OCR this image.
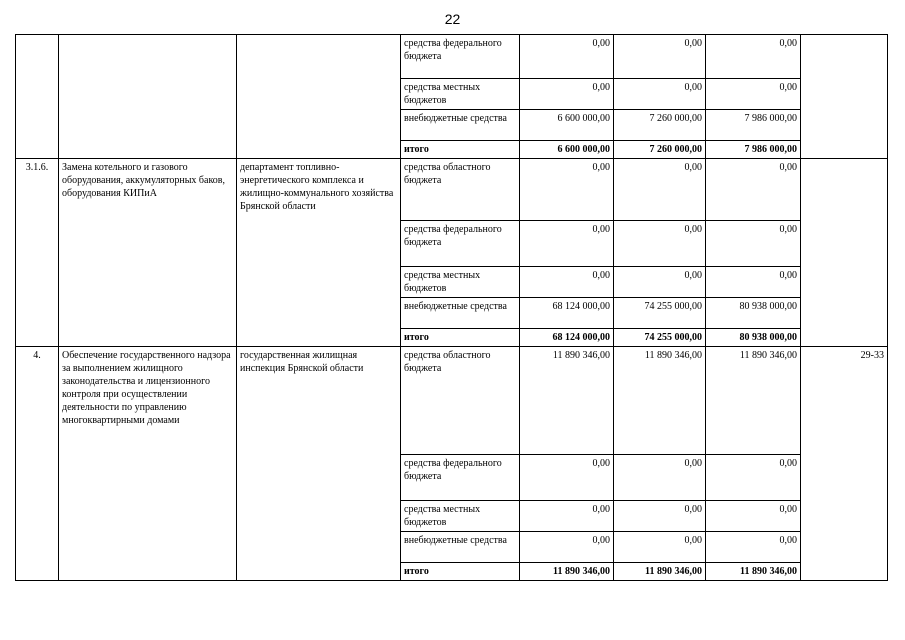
22
			средства федерального бюджета	0,00	0,00	0,00	
			средства местных бюджетов	0,00	0,00	0,00	
			внебюджетные средства	6 600 000,00	7 260 000,00	7 986 000,00	
			итого	6 600 000,00	7 260 000,00	7 986 000,00	
3.1.6.	Замена котельного и газового оборудования, аккумуляторных баков, оборудования КИПиА	департамент топливно-энергетического комплекса и жилищно-коммунального хозяйства Брянской области	средства областного бюджета	0,00	0,00	0,00	
			средства федерального бюджета	0,00	0,00	0,00	
			средства местных бюджетов	0,00	0,00	0,00	
			внебюджетные средства	68 124 000,00	74 255 000,00	80 938 000,00	
			итого	68 124 000,00	74 255 000,00	80 938 000,00	
4.	Обеспечение государственного надзора за выполнением жилищного законодательства и лицензионного контроля при осуществлении деятельности по управлению многоквартирными домами	государственная жилищная инспекция Брянской области	средства областного бюджета	11 890 346,00	11 890 346,00	11 890 346,00	29-33
			средства федерального бюджета	0,00	0,00	0,00	
			средства местных бюджетов	0,00	0,00	0,00	
			внебюджетные средства	0,00	0,00	0,00	
			итого	11 890 346,00	11 890 346,00	11 890 346,00	
